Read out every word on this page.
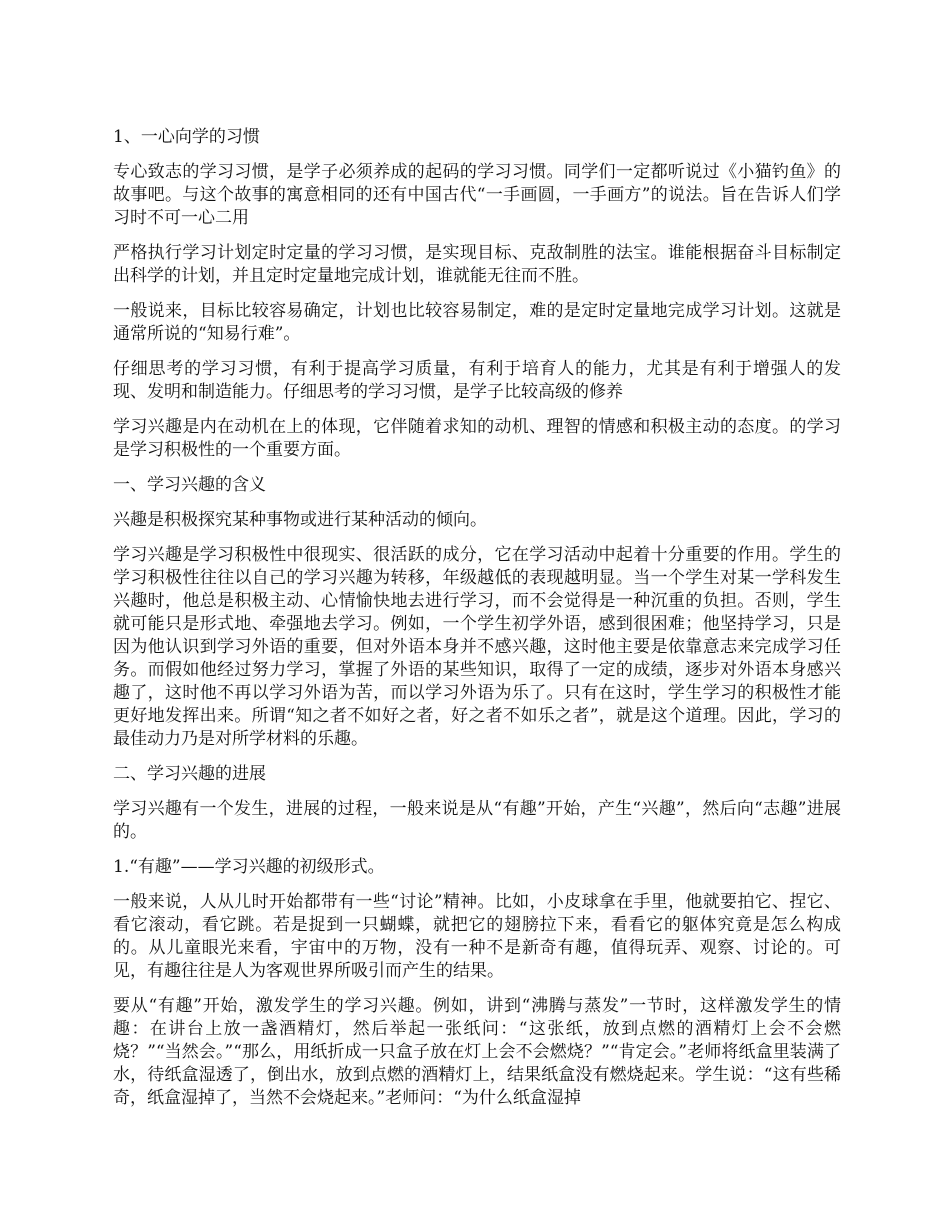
1、一心向学的习惯

专心致志的学习习惯，是学子必须养成的起码的学习习惯。同学们一定都听说过《小猫钓鱼》的故事吧。与这个故事的寓意相同的还有中国古代“一手画圆，一手画方”的说法。旨在告诉人们学习时不可一心二用

严格执行学习计划定时定量的学习习惯，是实现目标、克敌制胜的法宝。谁能根据奋斗目标制定出科学的计划，并且定时定量地完成计划，谁就能无往而不胜。

一般说来，目标比较容易确定，计划也比较容易制定，难的是定时定量地完成学习计划。这就是通常所说的“知易行难”。

仔细思考的学习习惯，有利于提高学习质量，有利于培育人的能力，尤其是有利于增强人的发现、发明和制造能力。仔细思考的学习习惯，是学子比较高级的修养

学习兴趣是内在动机在上的体现，它伴随着求知的动机、理智的情感和积极主动的态度。的学习是学习积极性的一个重要方面。

一、学习兴趣的含义

兴趣是积极探究某种事物或进行某种活动的倾向。

学习兴趣是学习积极性中很现实、很活跃的成分，它在学习活动中起着十分重要的作用。学生的学习积极性往往以自己的学习兴趣为转移，年级越低的表现越明显。当一个学生对某一学科发生兴趣时，他总是积极主动、心情愉快地去进行学习，而不会觉得是一种沉重的负担。否则，学生就可能只是形式地、牵强地去学习。例如，一个学生初学外语，感到很困难；他坚持学习，只是因为他认识到学习外语的重要，但对外语本身并不感兴趣，这时他主要是依靠意志来完成学习任务。而假如他经过努力学习，掌握了外语的某些知识，取得了一定的成绩，逐步对外语本身感兴趣了，这时他不再以学习外语为苦，而以学习外语为乐了。只有在这时，学生学习的积极性才能更好地发挥出来。所谓“知之者不如好之者，好之者不如乐之者”，就是这个道理。因此，学习的最佳动力乃是对所学材料的乐趣。

二、学习兴趣的进展

学习兴趣有一个发生，进展的过程，一般来说是从“有趣”开始，产生“兴趣”，然后向“志趣”进展的。

1.“有趣”——学习兴趣的初级形式。

一般来说，人从儿时开始都带有一些“讨论”精神。比如，小皮球拿在手里，他就要拍它、捏它、看它滚动，看它跳。若是捉到一只蝴蝶，就把它的翅膀拉下来，看看它的躯体究竟是怎么构成的。从儿童眼光来看，宇宙中的万物，没有一种不是新奇有趣，值得玩弄、观察、讨论的。可见，有趣往往是人为客观世界所吸引而产生的结果。

要从“有趣”开始，激发学生的学习兴趣。例如，讲到“沸腾与蒸发”一节时，这样激发学生的情趣：在讲台上放一盏酒精灯，然后举起一张纸问：“这张纸，放到点燃的酒精灯上会不会燃烧？”“当然会。”“那么，用纸折成一只盒子放在灯上会不会燃烧？”“肯定会。”老师将纸盒里装满了水，待纸盒湿透了，倒出水，放到点燃的酒精灯上，结果纸盒没有燃烧起来。学生说：“这有些稀奇，纸盒湿掉了，当然不会烧起来。”老师问：“为什么纸盒湿掉
